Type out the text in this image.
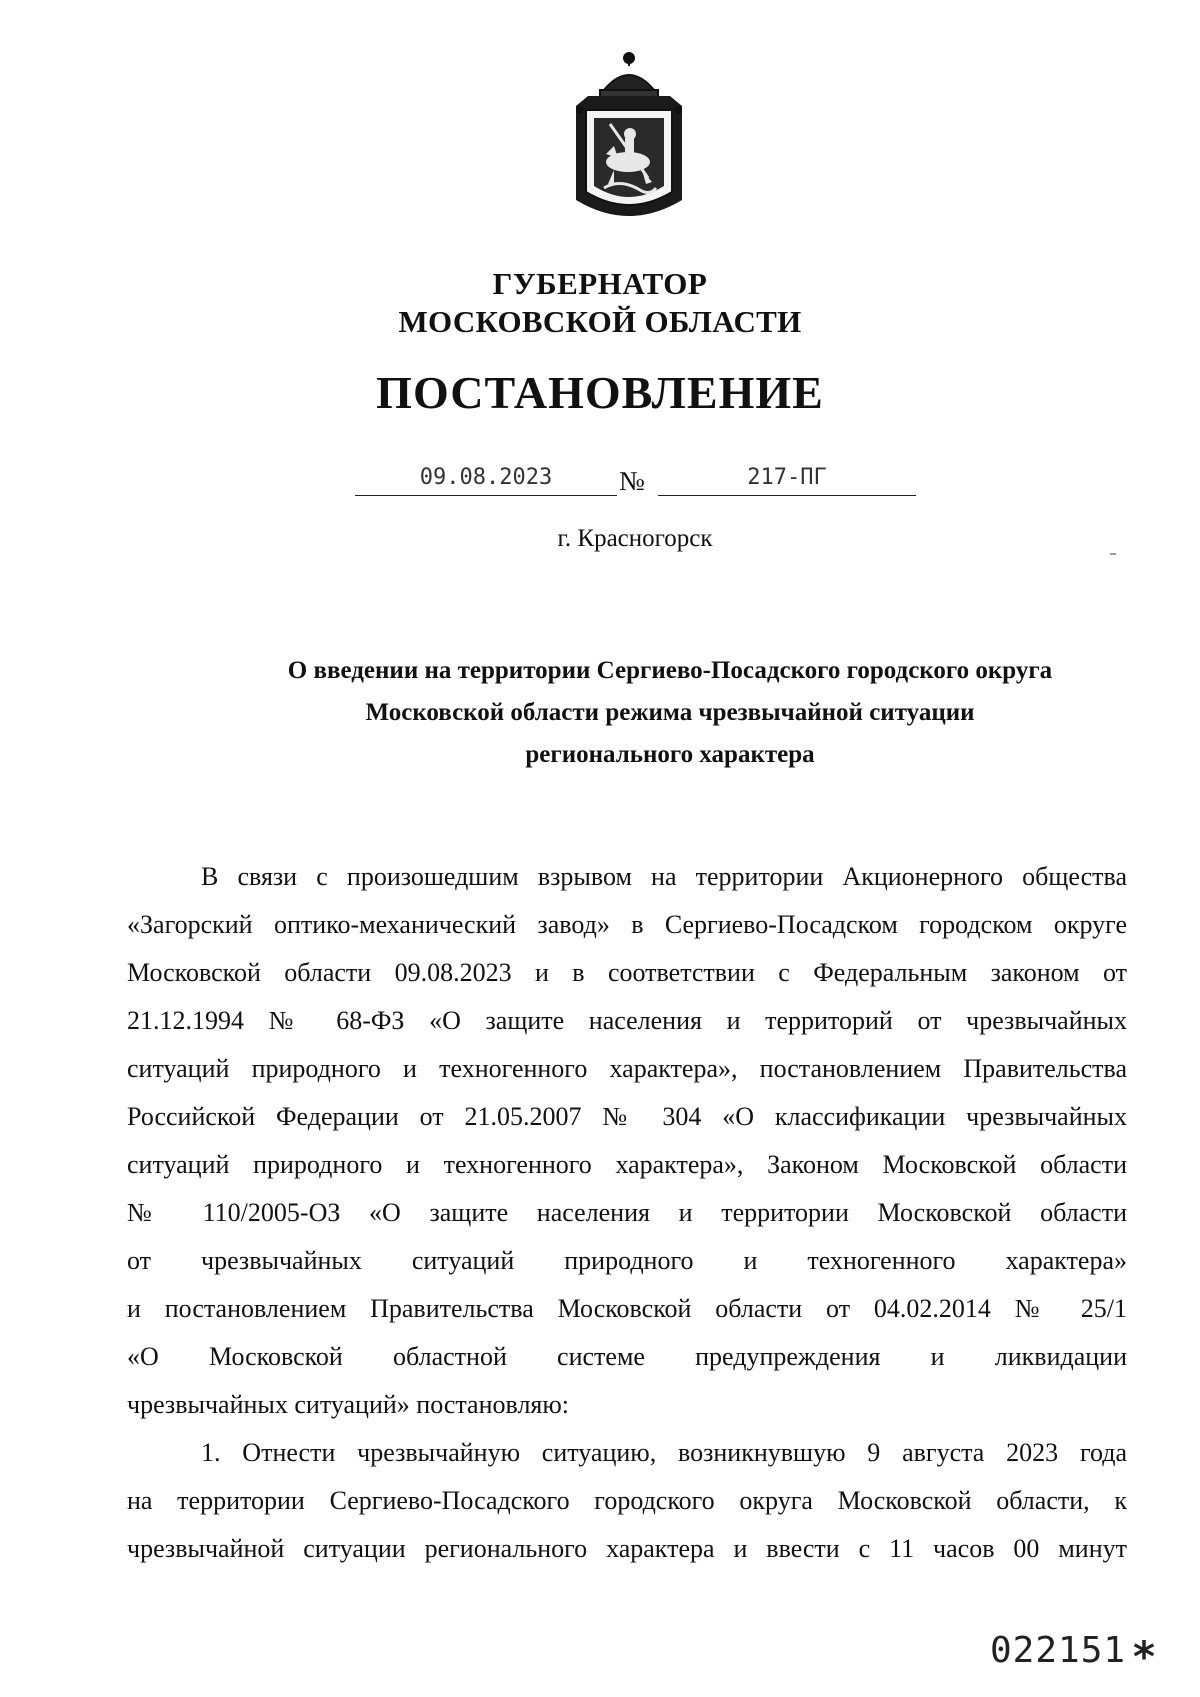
ГУБЕРНАТОР
МОСКОВСКОЙ ОБЛАСТИ
ПОСТАНОВЛЕНИЕ
09.08.2023	№	217-ПГ
г. Красногорск
О введении на территории Сергиево-Посадского городского округа
Московской области режима чрезвычайной ситуации
регионального характера
В связи с произошедшим взрывом на территории Акционерного общества
«Загорский оптико-механический завод» в Сергиево-Посадском городском округе
Московской области 09.08.2023 и в соответствии с Федеральным законом от
21.12.1994 № 68-ФЗ «О защите населения и территорий от чрезвычайных
ситуаций природного и техногенного характера», постановлением Правительства
Российской Федерации от 21.05.2007 № 304 «О классификации чрезвычайных
ситуаций природного и техногенного характера», Законом Московской области
№ 110/2005-ОЗ «О защите населения и территории Московской области
от чрезвычайных ситуаций природного и техногенного характера»
и постановлением Правительства Московской области от 04.02.2014 № 25/1
«О Московской областной системе предупреждения и ликвидации
чрезвычайных ситуаций» постановляю:
1. Отнести чрезвычайную ситуацию, возникнувшую 9 августа 2023 года
на территории Сергиево-Посадского городского округа Московской области, к
чрезвычайной ситуации регионального характера и ввести с 11 часов 00 минут
022151 *
